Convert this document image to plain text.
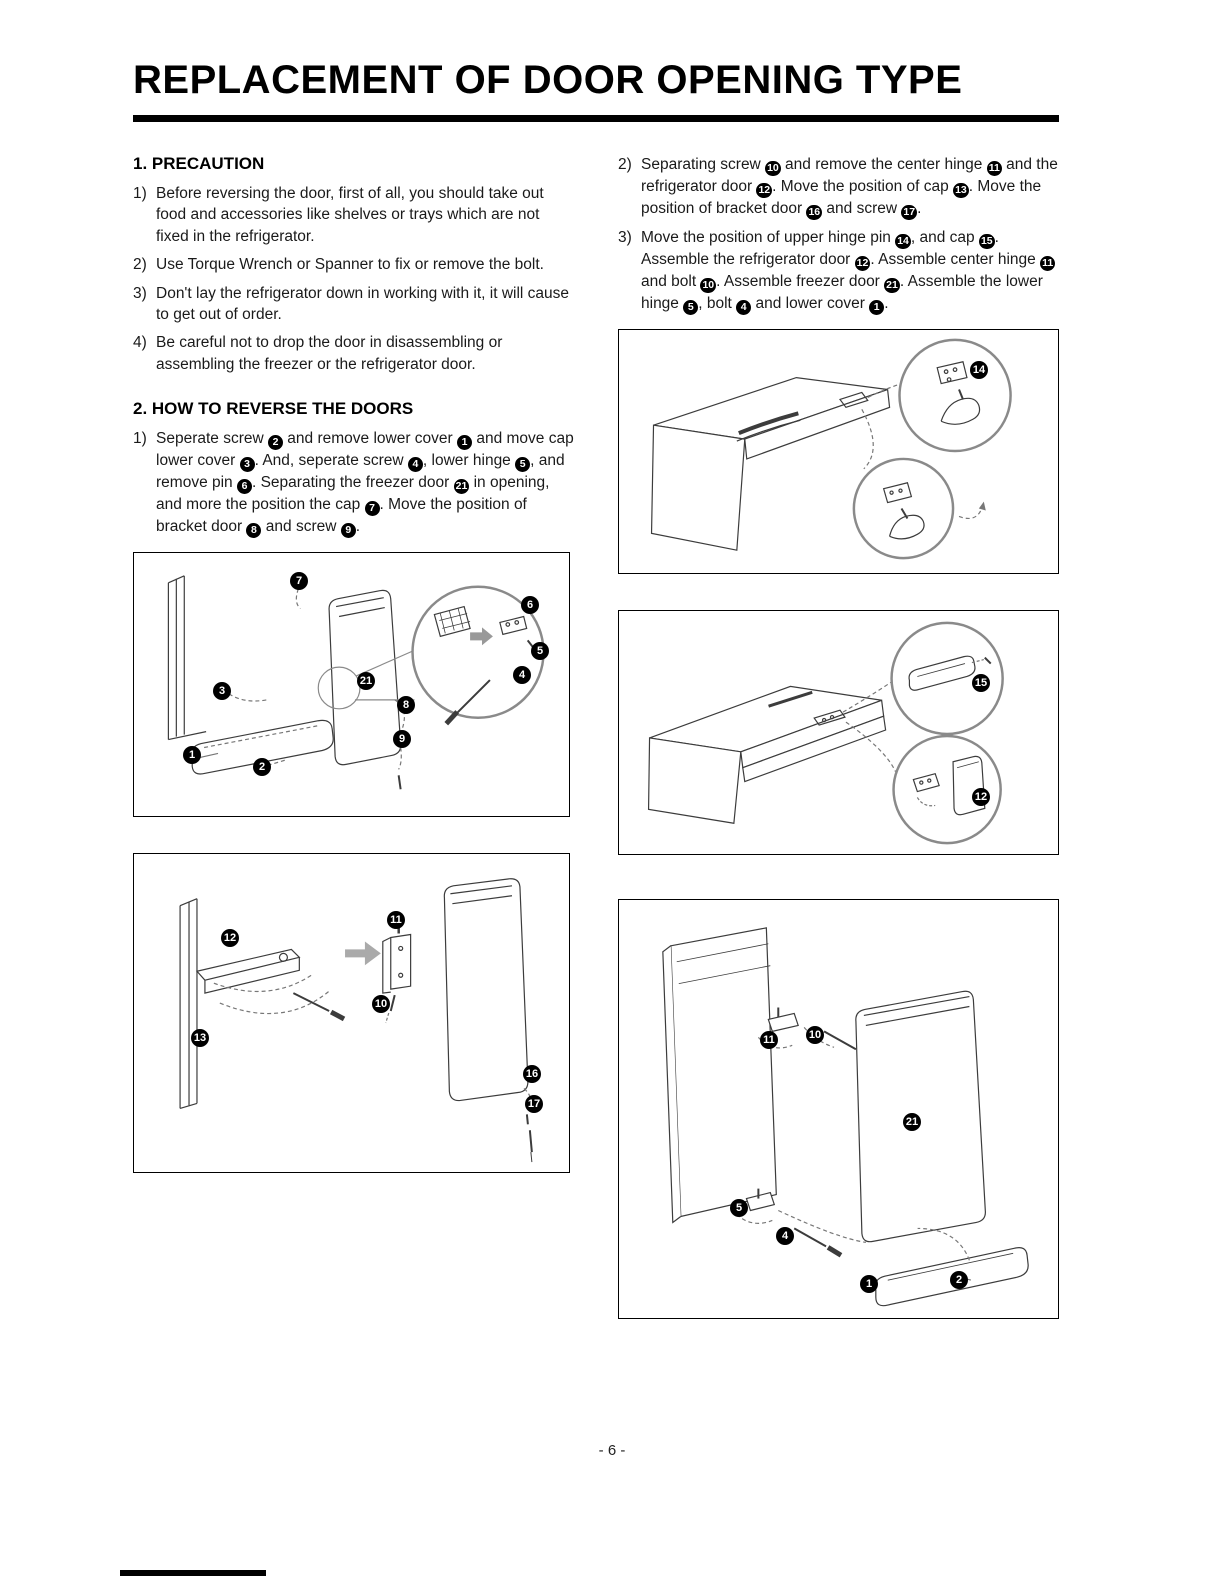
REPLACEMENT OF DOOR OPENING TYPE
1. PRECAUTION
1) Before reversing the door, first of all, you should take out food and accessories like shelves or trays which are not fixed in the refrigerator.
2) Use Torque Wrench or Spanner to fix or remove the bolt.
3) Don't lay the refrigerator down in working with it, it will cause to get out of order.
4) Be careful not to drop the door in disassembling or assembling the freezer or the refrigerator door.
2. HOW TO REVERSE THE DOORS
1) Seperate screw 2 and remove lower cover 1 and move cap lower cover 3 . And, seperate screw 4 , lower hinge 5 , and remove pin 6 . Separating the freezer door 21 in opening, and more the position the cap 7 . Move the position of bracket door 8 and screw 9 .
7
3
21
1
2
8
9
6
5
4
12
11
10
13
16
17
2) Separating screw 10 and remove the center hinge 11 and the refrigerator door 12 . Move the position of cap 13 . Move the position of bracket door 16 and screw 17 .
3) Move the position of upper hinge pin 14 , and cap 15 . Assemble the refrigerator door 12 . Assemble center hinge 11 and bolt 10 . Assemble freezer door 21 . Assemble the lower hinge 5 , bolt 4 and lower cover 1 .
14
15
12
11	10
21
5
4
1	2
- 6 -
